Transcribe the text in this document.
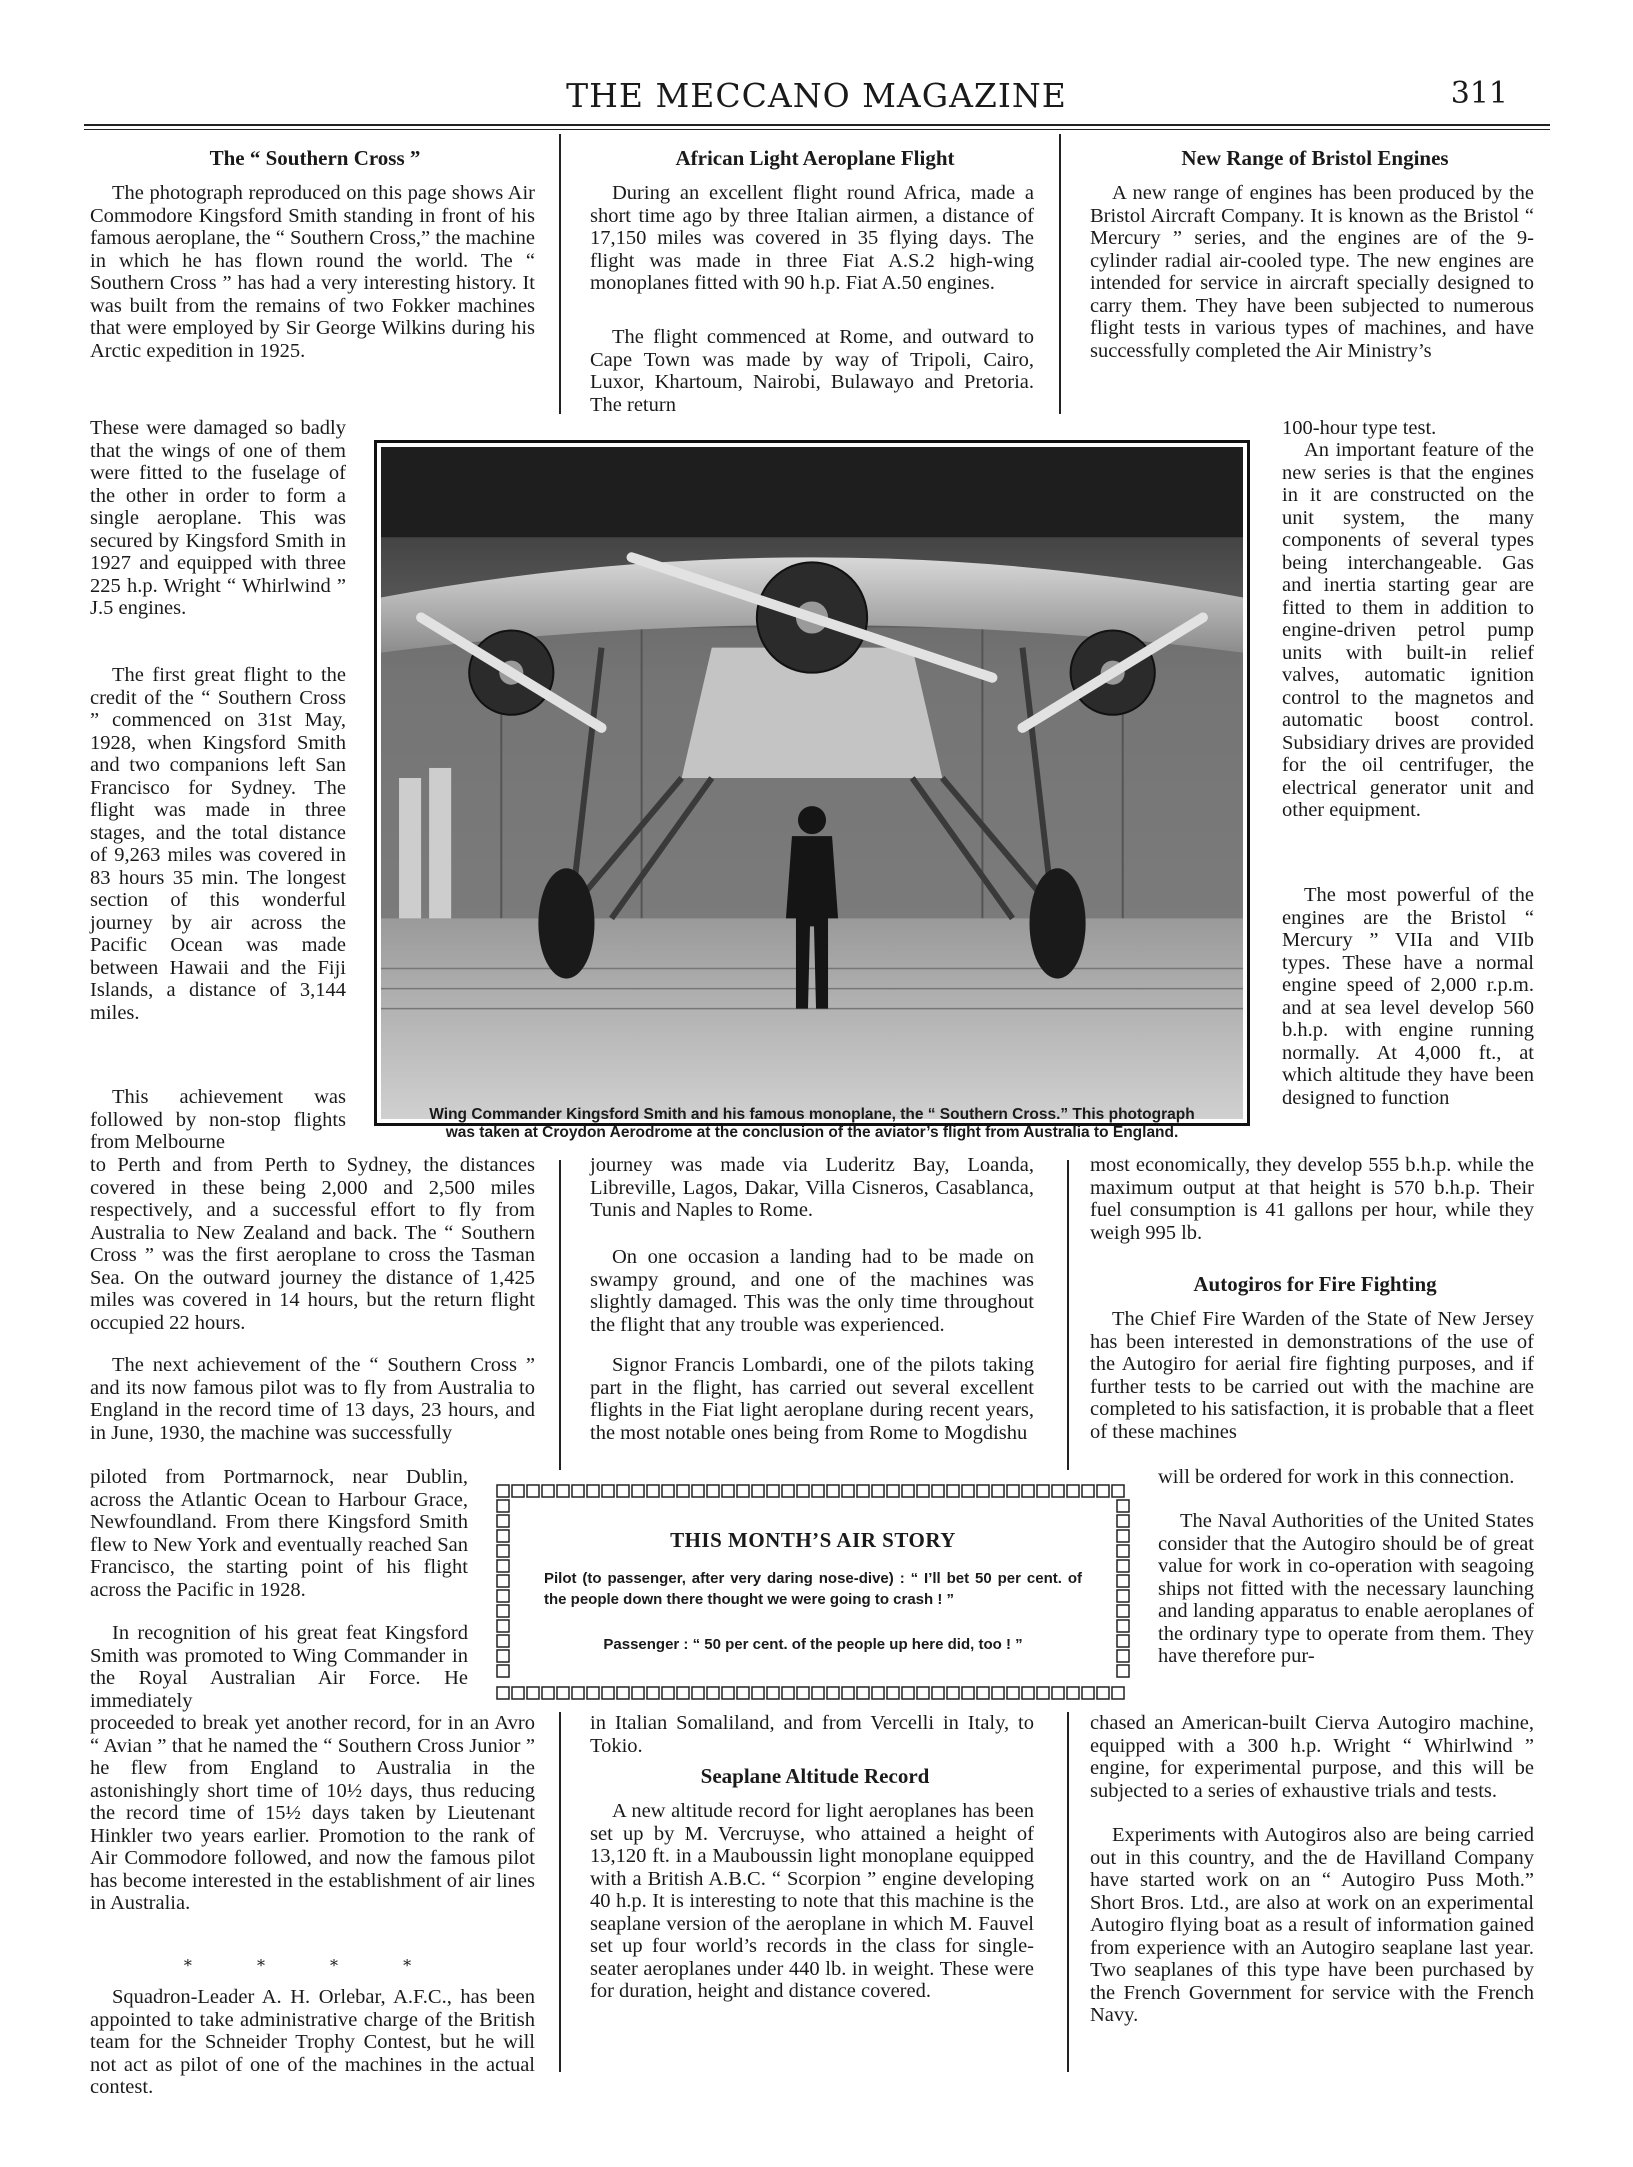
THE MECCANO MAGAZINE	311
The “ Southern Cross ”

The photograph reproduced on this page shows Air Commodore Kingsford Smith standing in front of his famous aeroplane, the “ Southern Cross,” the machine in which he has flown round the world. The “ Southern Cross ” has had a very interesting history. It was built from the remains of two Fokker machines that were employed by Sir George Wilkins during his Arctic expedition in 1925.

These were damaged so badly that the wings of one of them were fitted to the fuselage of the other in order to form a single aeroplane. This was secured by Kingsford Smith in 1927 and equipped with three 225 h.p. Wright “ Whirlwind ” J.5 engines.

The first great flight to the credit of the “ Southern Cross ” commenced on 31st May, 1928, when Kingsford Smith and two companions left San Francisco for Sydney. The flight was made in three stages, and the total distance of 9,263 miles was covered in 83 hours 35 min. The longest section of this wonderful journey by air across the Pacific Ocean was made between Hawaii and the Fiji Islands, a distance of 3,144 miles.

This achievement was followed by non-stop flights from Melbourne

to Perth and from Perth to Sydney, the distances covered in these being 2,000 and 2,500 miles respectively, and a successful effort to fly from Australia to New Zealand and back. The “ Southern Cross ” was the first aeroplane to cross the Tasman Sea. On the outward journey the distance of 1,425 miles was covered in 14 hours, but the return flight occupied 22 hours.

The next achievement of the “ Southern Cross ” and its now famous pilot was to fly from Australia to England in the record time of 13 days, 23 hours, and in June, 1930, the machine was successfully

piloted from Portmarnock, near Dublin, across the Atlantic Ocean to Harbour Grace, Newfoundland. From there Kingsford Smith flew to New York and eventually reached San Francisco, the starting point of his flight across the Pacific in 1928.

In recognition of his great feat Kingsford Smith was promoted to Wing Commander in the Royal Australian Air Force. He immediately

proceeded to break yet another record, for in an Avro “ Avian ” that he named the “ Southern Cross Junior ” he flew from England to Australia in the astonishingly short time of 10½ days, thus reducing the record time of 15½ days taken by Lieutenant Hinkler two years earlier. Promotion to the rank of Air Commodore followed, and now the famous pilot has become interested in the establishment of air lines in Australia.

* * * *

Squadron-Leader A. H. Orlebar, A.F.C., has been appointed to take administrative charge of the British team for the Schneider Trophy Contest, but he will not act as pilot of one of the machines in the actual contest.

African Light Aeroplane Flight

During an excellent flight round Africa, made a short time ago by three Italian airmen, a distance of 17,150 miles was covered in 35 flying days. The flight was made in three Fiat A.S.2 high-wing monoplanes fitted with 90 h.p. Fiat A.50 engines.

The flight commenced at Rome, and outward to Cape Town was made by way of Tripoli, Cairo, Luxor, Khartoum, Nairobi, Bulawayo and Pretoria. The return

journey was made via Luderitz Bay, Loanda, Libreville, Lagos, Dakar, Villa Cisneros, Casablanca, Tunis and Naples to Rome.

On one occasion a landing had to be made on swampy ground, and one of the machines was slightly damaged. This was the only time throughout the flight that any trouble was experienced.

Signor Francis Lombardi, one of the pilots taking part in the flight, has carried out several excellent flights in the Fiat light aeroplane during recent years, the most notable ones being from Rome to Mogdishu

in Italian Somaliland, and from Vercelli in Italy, to Tokio.

Seaplane Altitude Record

A new altitude record for light aeroplanes has been set up by M. Vercruyse, who attained a height of 13,120 ft. in a Mauboussin light monoplane equipped with a British A.B.C. “ Scorpion ” engine developing 40 h.p. It is interesting to note that this machine is the seaplane version of the aeroplane in which M. Fauvel set up four world’s records in the class for single-seater aeroplanes under 440 lb. in weight. These were for duration, height and distance covered.

New Range of Bristol Engines

A new range of engines has been produced by the Bristol Aircraft Company. It is known as the Bristol “ Mercury ” series, and the engines are of the 9-cylinder radial air-cooled type. The new engines are intended for service in aircraft specially designed to carry them. They have been subjected to numerous flight tests in various types of machines, and have successfully completed the Air Ministry’s

100-hour type test.

An important feature of the new series is that the engines in it are constructed on the unit system, the many components of several types being interchangeable. Gas and inertia starting gear are fitted to them in addition to engine-driven petrol pump units with built-in relief valves, automatic ignition control to the magnetos and automatic boost control. Subsidiary drives are provided for the oil centrifuger, the electrical generator unit and other equipment.

The most powerful of the engines are the Bristol “ Mercury ” VIIa and VIIb types. These have a normal engine speed of 2,000 r.p.m. and at sea level develop 560 b.h.p. with engine running normally. At 4,000 ft., at which altitude they have been designed to function

most economically, they develop 555 b.h.p. while the maximum output at that height is 570 b.h.p. Their fuel consumption is 41 gallons per hour, while they weigh 995 lb.

Autogiros for Fire Fighting

The Chief Fire Warden of the State of New Jersey has been interested in demonstrations of the use of the Autogiro for aerial fire fighting purposes, and if further tests to be carried out with the machine are completed to his satisfaction, it is probable that a fleet of these machines

will be ordered for work in this connection.

The Naval Authorities of the United States consider that the Autogiro should be of great value for work in co-operation with seagoing ships not fitted with the necessary launching and landing apparatus to enable aeroplanes of the ordinary type to operate from them. They have therefore pur-

chased an American-built Cierva Autogiro machine, equipped with a 300 h.p. Wright “ Whirlwind ” engine, for experimental purpose, and this will be subjected to a series of exhaustive trials and tests.

Experiments with Autogiros also are being carried out in this country, and the de Havilland Company have started work on an “ Autogiro Puss Moth.” Short Bros. Ltd., are also at work on an experimental Autogiro flying boat as a result of information gained from experience with an Autogiro seaplane last year. Two seaplanes of this type have been purchased by the French Government for service with the French Navy.

Wing Commander Kingsford Smith and his famous monoplane, the “ Southern Cross.” This photograph
was taken at Croydon Aerodrome at the conclusion of the aviator’s flight from Australia to England.
THIS MONTH’S AIR STORY
Pilot (to passenger, after very daring nose-dive) : “ I’ll bet 50 per cent. of the people down there thought we were going to crash ! ”
Passenger : “ 50 per cent. of the people up here did, too ! ”
